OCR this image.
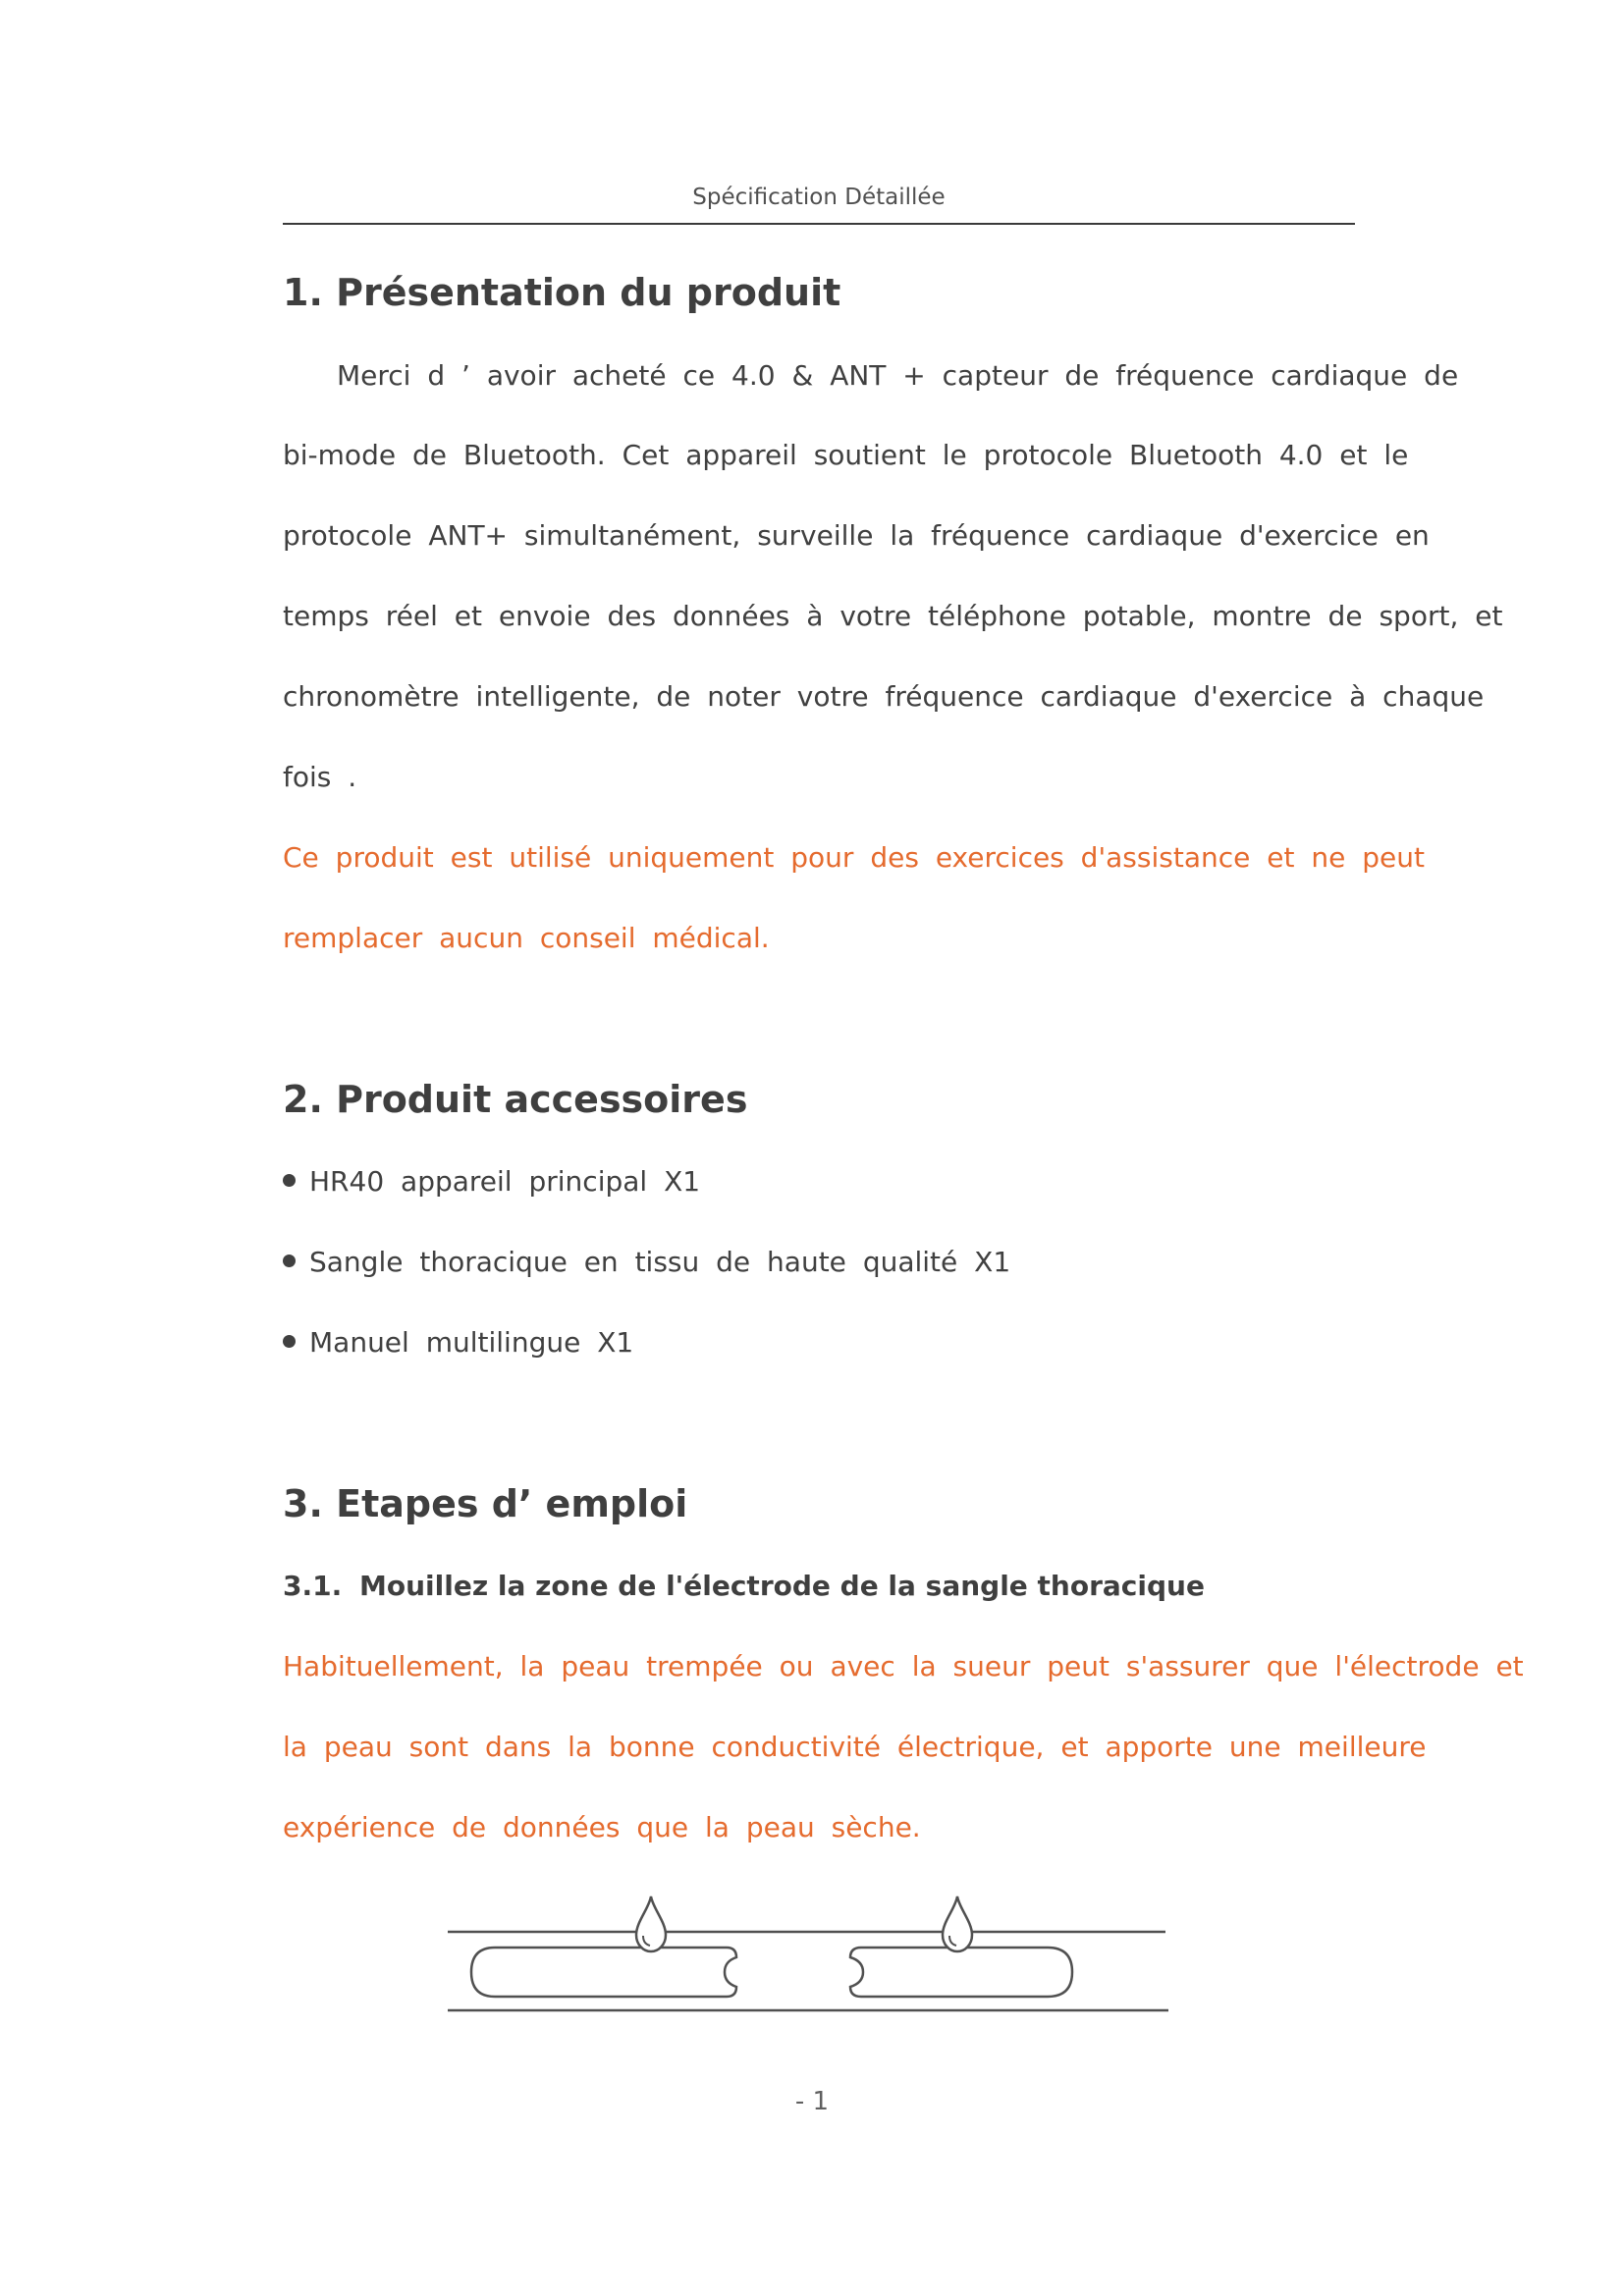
Spécification Détaillée
1. Présentation du produit
Merci d ’ avoir acheté ce 4.0 & ANT + capteur de fréquence cardiaque de
bi-mode de Bluetooth. Cet appareil soutient le protocole Bluetooth 4.0 et le
protocole ANT+ simultanément, surveille la fréquence cardiaque d'exercice en
temps réel et envoie des données à votre téléphone potable, montre de sport, et
chronomètre intelligente, de noter votre fréquence cardiaque d'exercice à chaque
fois .
Ce produit est utilisé uniquement pour des exercices d'assistance et ne peut
remplacer aucun conseil médical.
2. Produit accessoires
HR40 appareil principal X1
Sangle thoracique en tissu de haute qualité X1
Manuel multilingue X1
3. Etapes d’ emploi
3.1. Mouillez la zone de l'électrode de la sangle thoracique
Habituellement, la peau trempée ou avec la sueur peut s'assurer que l'électrode et
la peau sont dans la bonne conductivité électrique, et apporte une meilleure
expérience de données que la peau sèche.
- 1
